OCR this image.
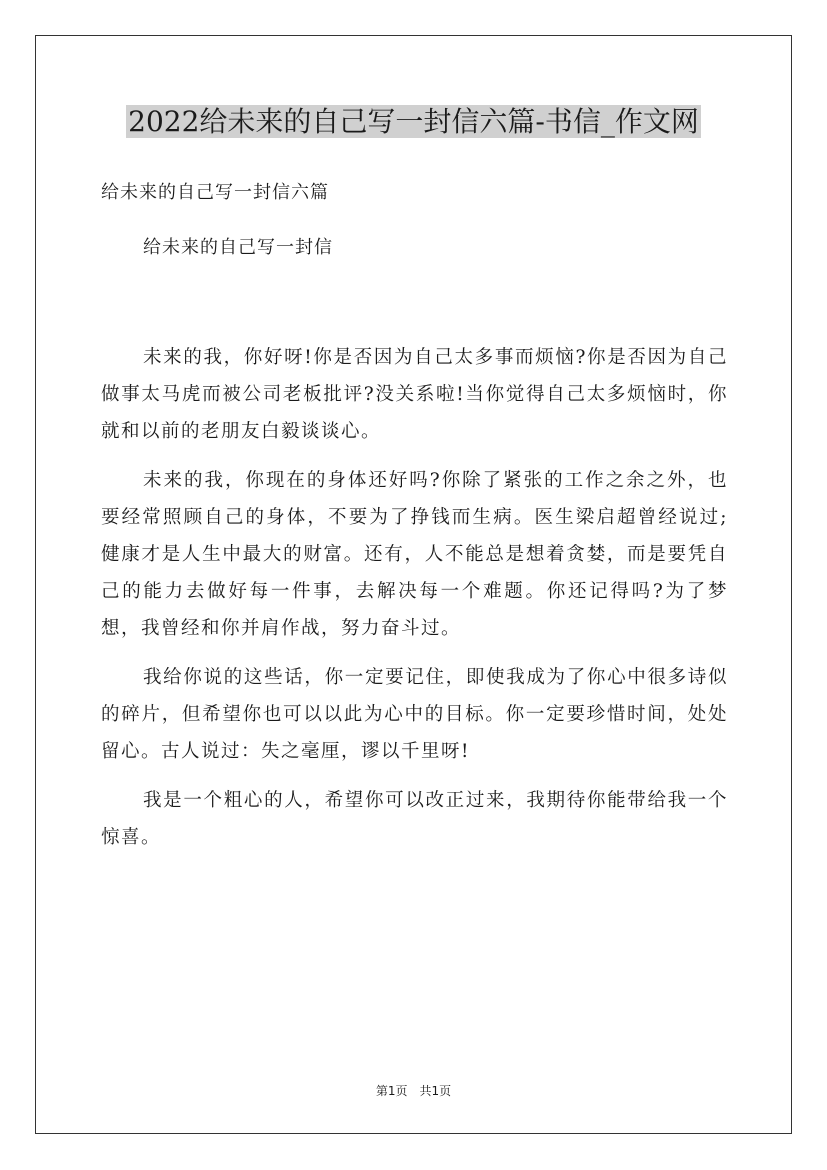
2022给未来的自己写一封信六篇-书信_作文网

给未来的自己写一封信六篇

给未来的自己写一封信

未来的我，你好呀!你是否因为自己太多事而烦恼?你是否因为自己做事太马虎而被公司老板批评?没关系啦!当你觉得自己太多烦恼时，你就和以前的老朋友白毅谈谈心。

未来的我，你现在的身体还好吗?你除了紧张的工作之余之外，也要经常照顾自己的身体，不要为了挣钱而生病。医生梁启超曾经说过;健康才是人生中最大的财富。还有，人不能总是想着贪婪，而是要凭自己的能力去做好每一件事，去解决每一个难题。你还记得吗?为了梦想，我曾经和你并肩作战，努力奋斗过。

我给你说的这些话，你一定要记住，即使我成为了你心中很多诗似的碎片，但希望你也可以以此为心中的目标。你一定要珍惜时间，处处留心。古人说过：失之毫厘，谬以千里呀!

我是一个粗心的人，希望你可以改正过来，我期待你能带给我一个惊喜。

第1页 共1页
